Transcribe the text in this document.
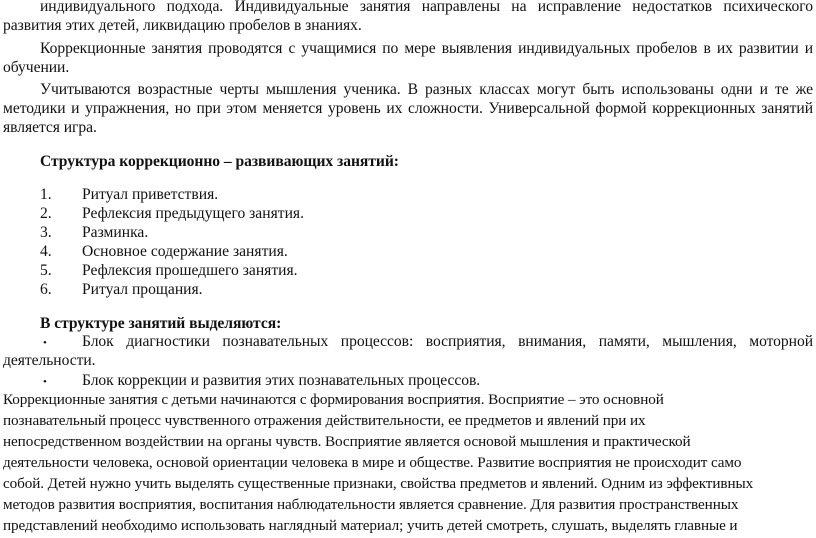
индивидуального подхода. Индивидуальные занятия направлены на исправление недостатков психического
развития этих детей, ликвидацию пробелов в знаниях.
Коррекционные занятия проводятся с учащимися по мере выявления индивидуальных пробелов в их развитии и
обучении.
Учитываются возрастные черты мышления ученика. В разных классах могут быть использованы одни и те же
методики и упражнения, но при этом меняется уровень их сложности. Универсальной формой коррекционных занятий
является игра.
Структура коррекционно – развивающих занятий:
1. Ритуал приветствия.
2. Рефлексия предыдущего занятия.
3. Разминка.
4. Основное содержание занятия.
5. Рефлексия прошедшего занятия.
6. Ритуал прощания.
В структуре занятий выделяются:
• Блок диагностики познавательных процессов: восприятия, внимания, памяти, мышления, моторной
деятельности.
• Блок коррекции и развития этих познавательных процессов.
Коррекционные занятия с детьми начинаются с формирования восприятия. Восприятие – это основной
познавательный процесс чувственного отражения действительности, ее предметов и явлений при их
непосредственном воздействии на органы чувств. Восприятие является основой мышления и практической
деятельности человека, основой ориентации человека в мире и обществе. Развитие восприятия не происходит само
собой. Детей нужно учить выделять существенные признаки, свойства предметов и явлений. Одним из эффективных
методов развития восприятия, воспитания наблюдательности является сравнение. Для развития пространственных
представлений необходимо использовать наглядный материал; учить детей смотреть, слушать, выделять главные и
